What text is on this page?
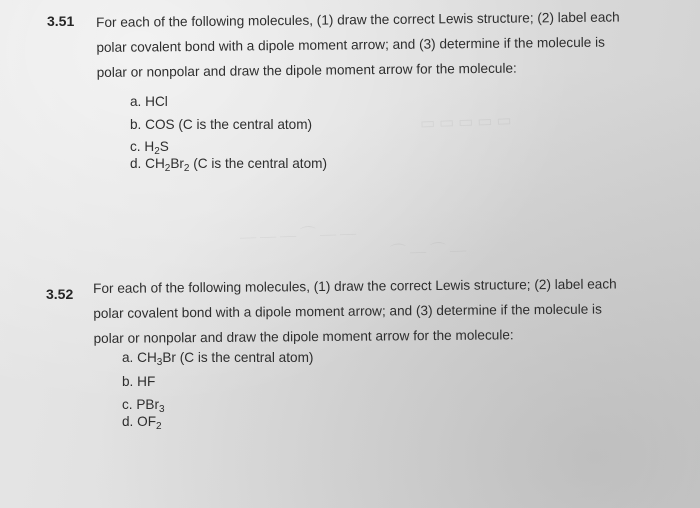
▭ ▭ ▭ ▭ ▭
— — — ⌒ — —
⌒ — ⌒ —
3.51 For each of the following molecules, (1) draw the correct Lewis structure; (2) label each
polar covalent bond with a dipole moment arrow; and (3) determine if the molecule is
polar or nonpolar and draw the dipole moment arrow for the molecule:
a. HCl
b. COS (C is the central atom)
c. $H_2S$
d. $CH_2Br_2$ (C is the central atom)
3.52 For each of the following molecules, (1) draw the correct Lewis structure; (2) label each
polar covalent bond with a dipole moment arrow; and (3) determine if the molecule is
polar or nonpolar and draw the dipole moment arrow for the molecule:
a. $CH_3Br$ (C is the central atom)
b. HF
c. PBr$_3$
d. $OF_2$
